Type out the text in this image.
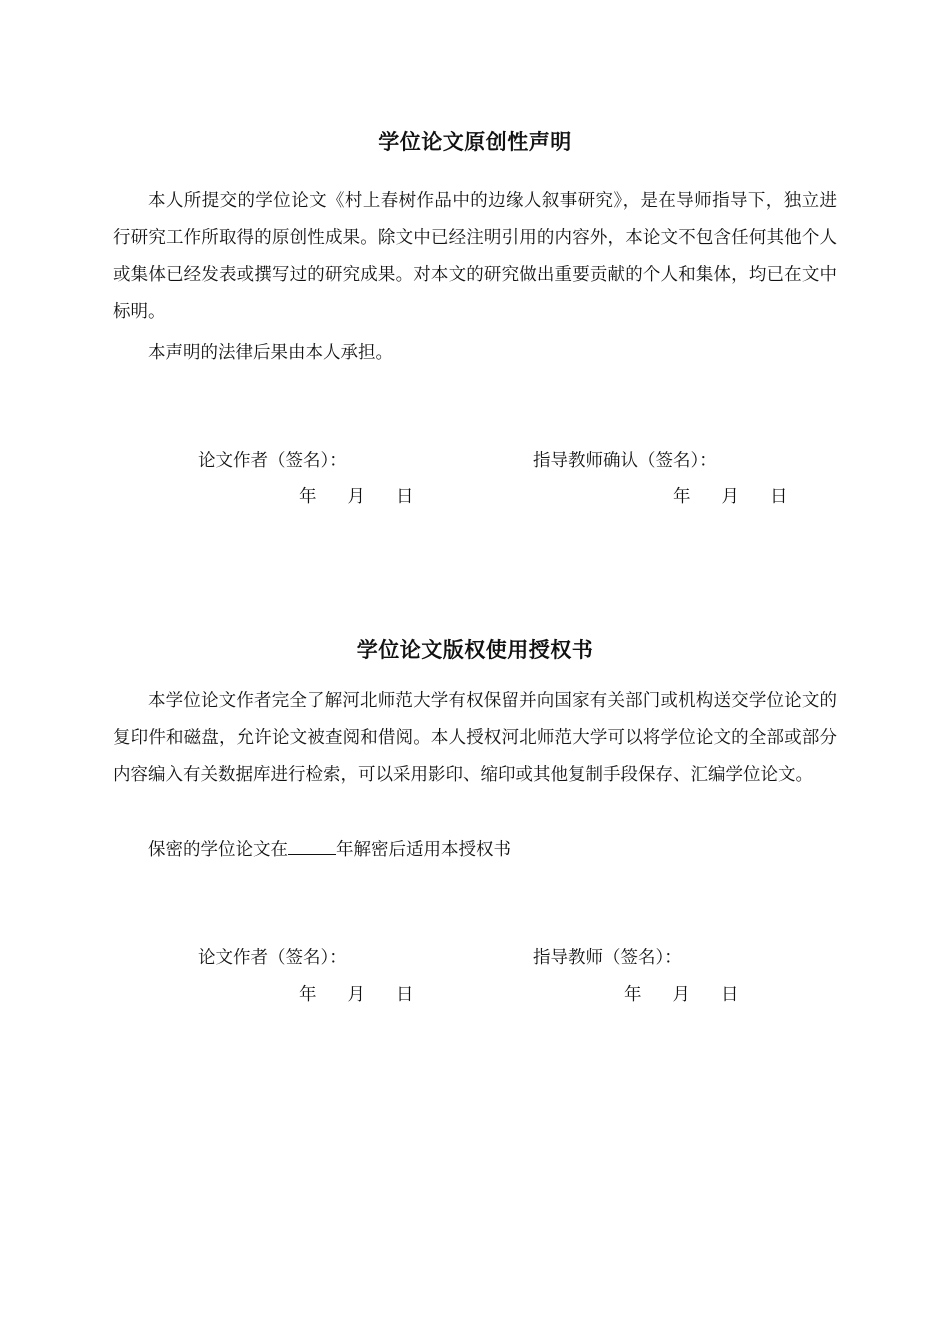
学位论文原创性声明

本人所提交的学位论文《村上春树作品中的边缘人叙事研究》，是在导师指导下，独立进行研究工作所取得的原创性成果。除文中已经注明引用的内容外，本论文不包含任何其他个人或集体已经发表或撰写过的研究成果。对本文的研究做出重要贡献的个人和集体，均已在文中标明。

本声明的法律后果由本人承担。

论文作者（签名）：	指导教师确认（签名）：

年 月 日	年 月 日
学位论文版权使用授权书

本学位论文作者完全了解河北师范大学有权保留并向国家有关部门或机构送交学位论文的复印件和磁盘，允许论文被查阅和借阅。本人授权河北师范大学可以将学位论文的全部或部分内容编入有关数据库进行检索，可以采用影印、缩印或其他复制手段保存、汇编学位论文。

保密的学位论文在	年解密后适用本授权书

论文作者（签名）：	指导教师（签名）：

年 月 日	年 月 日
